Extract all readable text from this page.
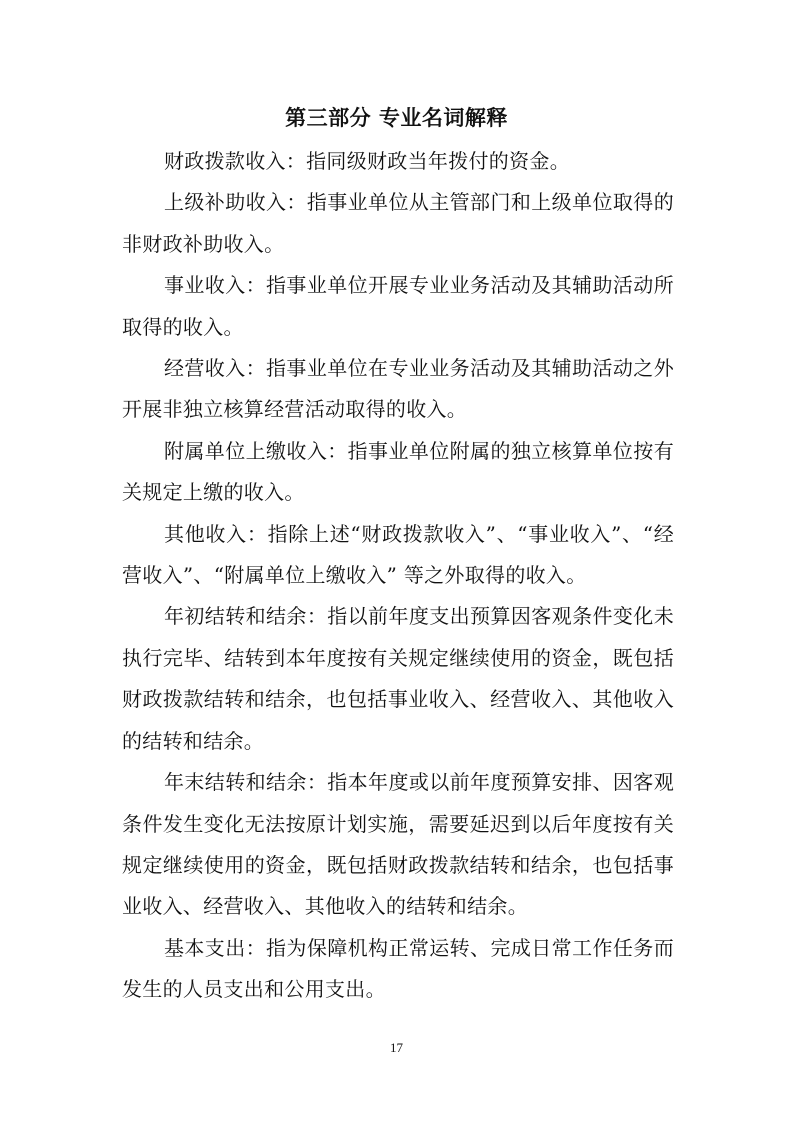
第三部分 专业名词解释

财政拨款收入：指同级财政当年拨付的资金。

上级补助收入：指事业单位从主管部门和上级单位取得的非财政补助收入。

事业收入：指事业单位开展专业业务活动及其辅助活动所取得的收入。

经营收入：指事业单位在专业业务活动及其辅助活动之外开展非独立核算经营活动取得的收入。

附属单位上缴收入：指事业单位附属的独立核算单位按有关规定上缴的收入。

其他收入：指除上述“财政拨款收入”、“事业收入”、“经营收入”、“附属单位上缴收入” 等之外取得的收入。

年初结转和结余：指以前年度支出预算因客观条件变化未执行完毕、结转到本年度按有关规定继续使用的资金，既包括财政拨款结转和结余，也包括事业收入、经营收入、其他收入的结转和结余。

年末结转和结余：指本年度或以前年度预算安排、因客观条件发生变化无法按原计划实施，需要延迟到以后年度按有关规定继续使用的资金，既包括财政拨款结转和结余，也包括事业收入、经营收入、其他收入的结转和结余。

基本支出：指为保障机构正常运转、完成日常工作任务而发生的人员支出和公用支出。

17
